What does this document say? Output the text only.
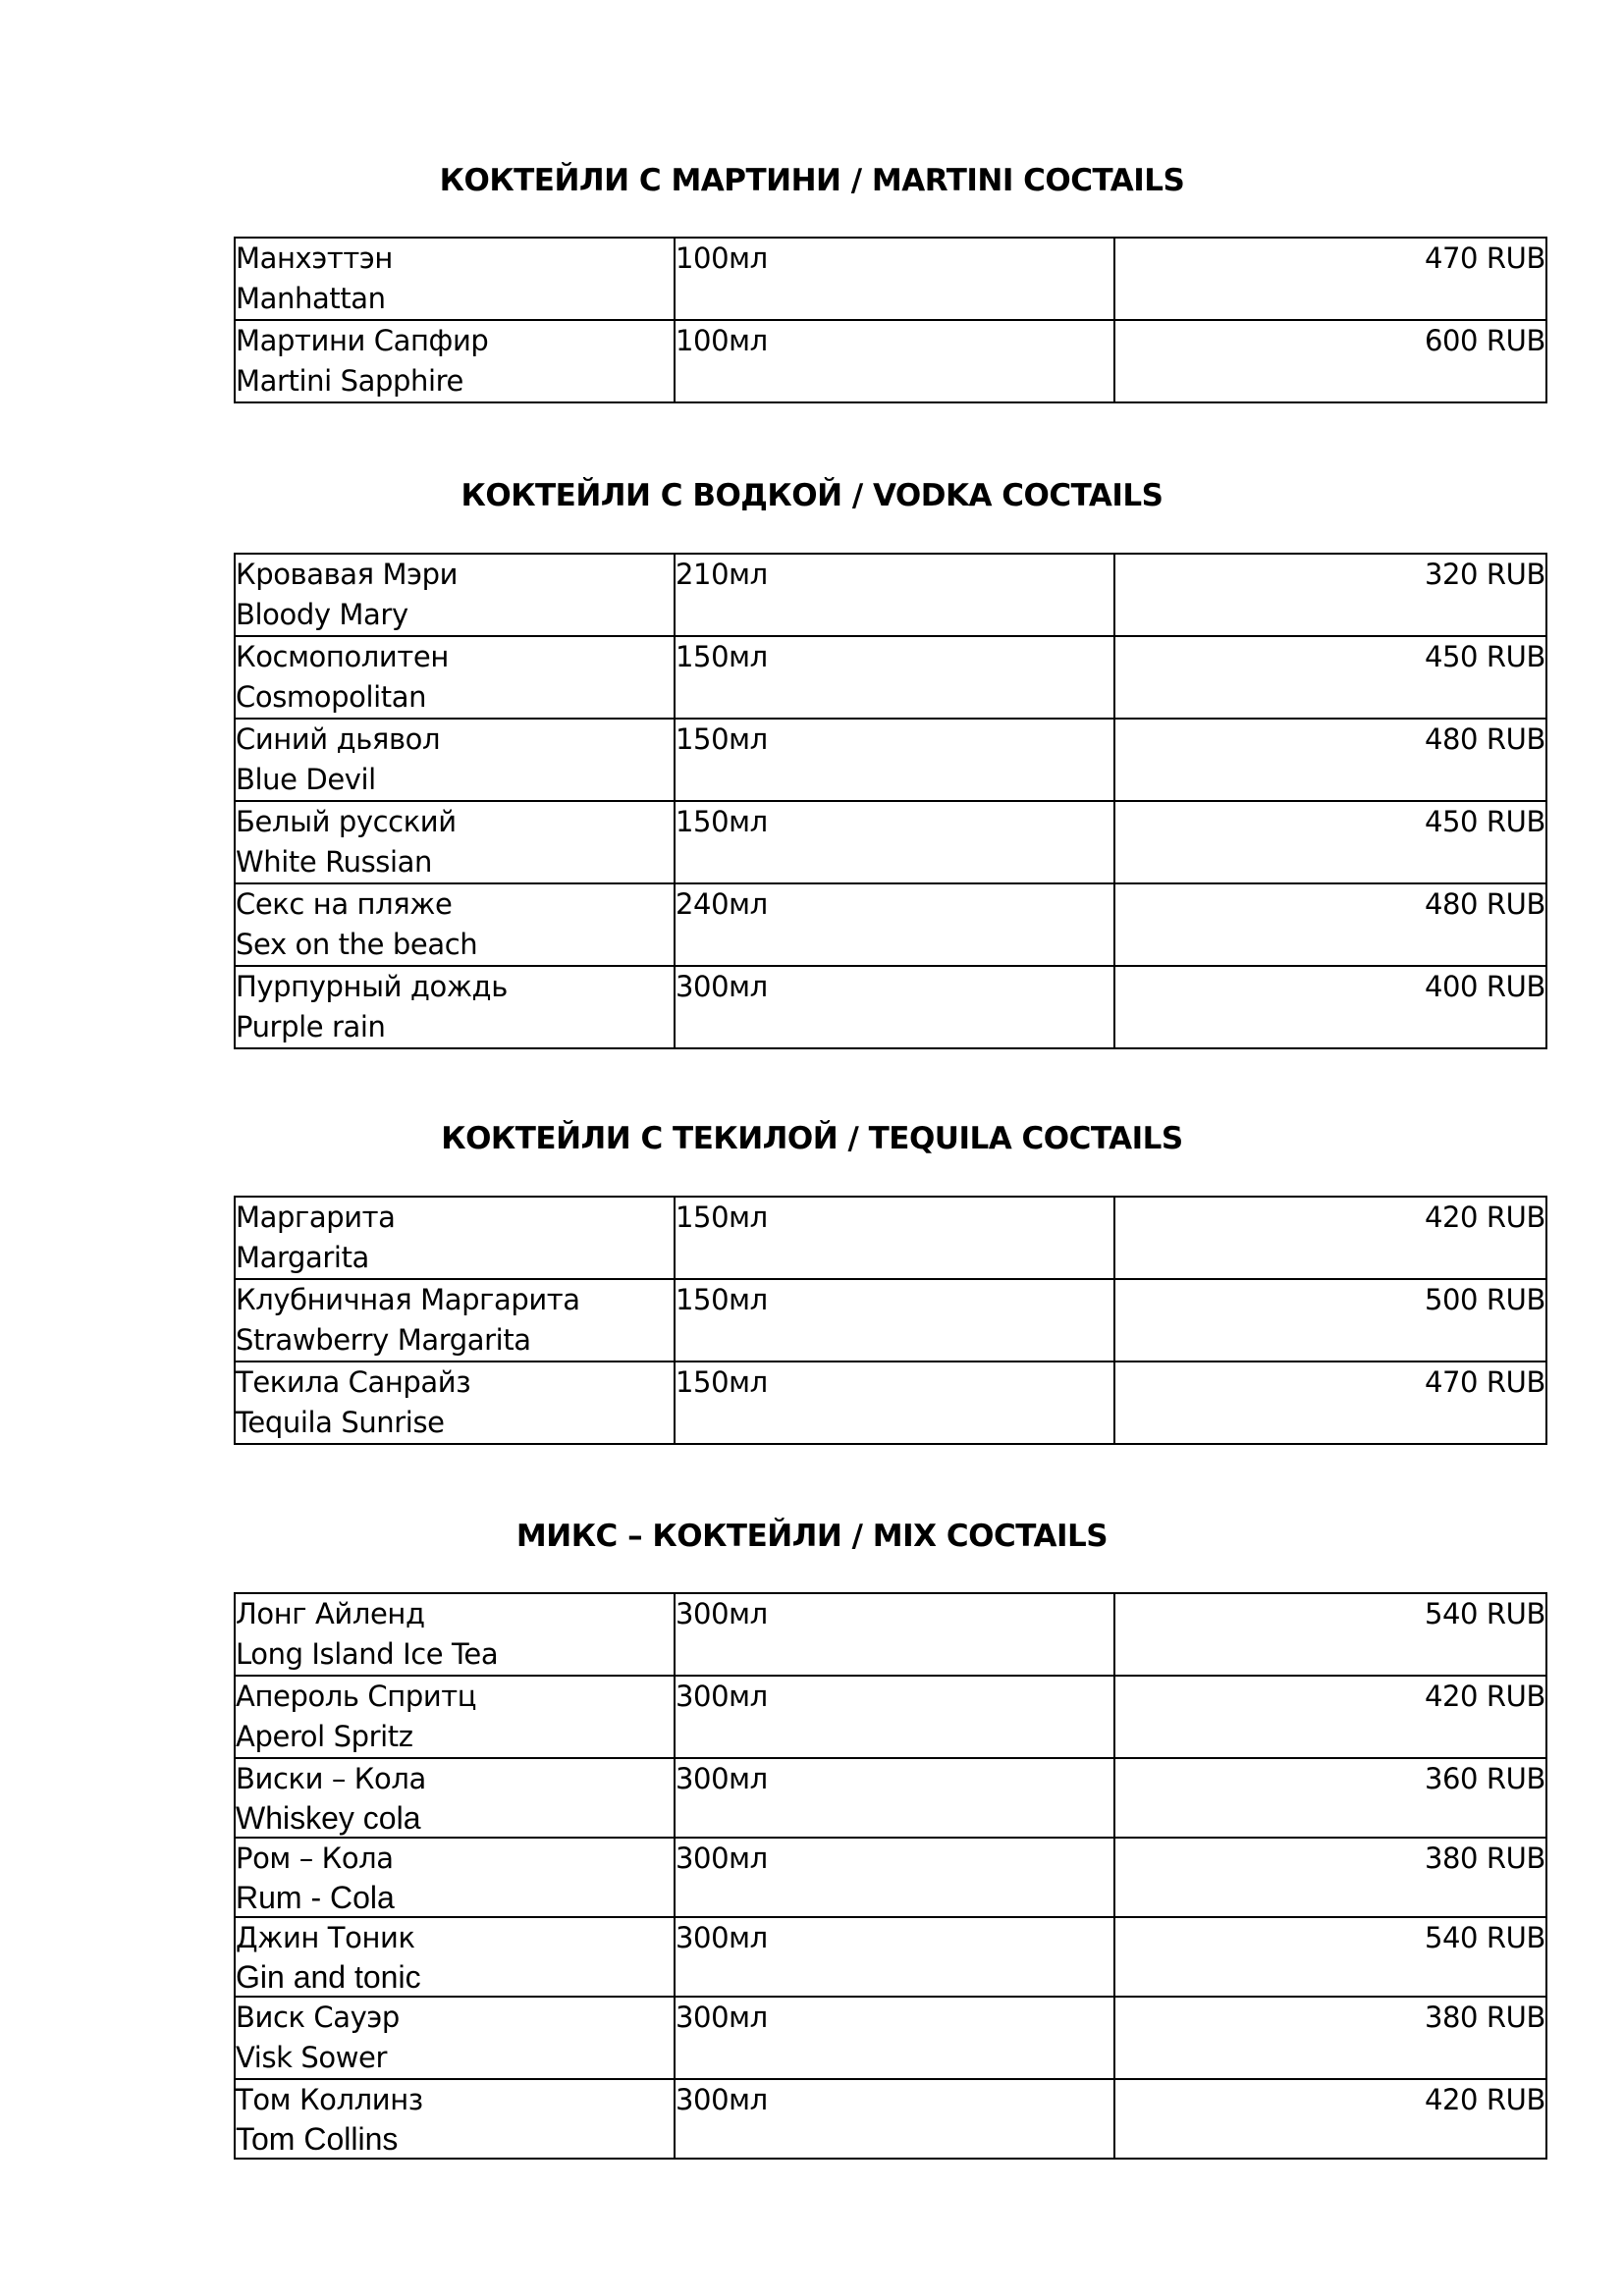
КОКТЕЙЛИ С МАРТИНИ / MARTINI COCTAILS
Манхэттэн
Manhattan	100мл	470 RUB

Мартини Сапфир
Martini Sapphire	100мл	600 RUB
КОКТЕЙЛИ С ВОДКОЙ / VODKA COCTAILS
Кровавая Мэри
Bloody Mary	210мл	320 RUB

Космополитен
Cosmopolitan	150мл	450 RUB

Синий дьявол
Blue Devil	150мл	480 RUB

Белый русский
White Russian	150мл	450 RUB

Секс на пляже
Sex on the beach	240мл	480 RUB

Пурпурный дождь
Purple rain	300мл	400 RUB
КОКТЕЙЛИ С ТЕКИЛОЙ / TEQUILA COCTAILS
Маргарита
Margarita	150мл	420 RUB

Клубничная Маргарита
Strawberry Margarita	150мл	500 RUB

Текила Санрайз
Tequila Sunrise	150мл	470 RUB
МИКС – КОКТЕЙЛИ / MIX COCTAILS
Лонг Айленд
Long Island Ice Tea	300мл	540 RUB

Апероль Спритц
Aperol Spritz	300мл	420 RUB

Виски – Кола
Whiskey cola	300мл	360 RUB

Ром – Кола
Rum - Cola	300мл	380 RUB

Джин Тоник
Gin and tonic	300мл	540 RUB

Виск Сауэр
Visk Sower	300мл	380 RUB

Том Коллинз
Tom Collins	300мл	420 RUB
